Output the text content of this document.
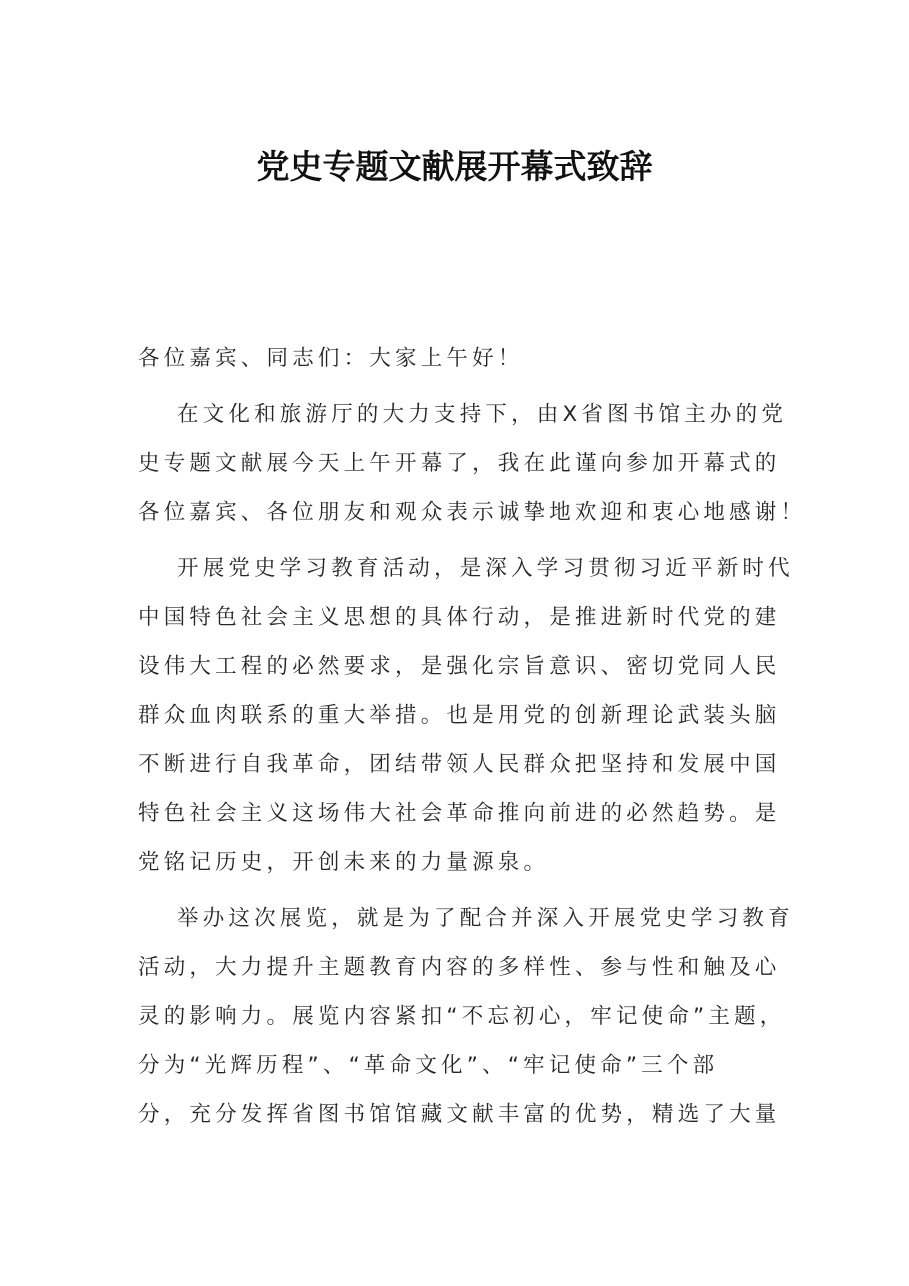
党史专题文献展开幕式致辞
各位嘉宾、同志们：大家上午好！
在文化和旅游厅的大力支持下，由X省图书馆主办的党
史专题文献展今天上午开幕了，我在此谨向参加开幕式的
各位嘉宾、各位朋友和观众表示诚挚地欢迎和衷心地感谢！
开展党史学习教育活动，是深入学习贯彻习近平新时代
中国特色社会主义思想的具体行动，是推进新时代党的建
设伟大工程的必然要求，是强化宗旨意识、密切党同人民
群众血肉联系的重大举措。也是用党的创新理论武装头脑
不断进行自我革命，团结带领人民群众把坚持和发展中国
特色社会主义这场伟大社会革命推向前进的必然趋势。是
党铭记历史，开创未来的力量源泉。
举办这次展览，就是为了配合并深入开展党史学习教育
活动，大力提升主题教育内容的多样性、参与性和触及心
灵的影响力。展览内容紧扣“不忘初心，牢记使命”主题，
分为“光辉历程”、“革命文化”、“牢记使命”三个部
分，充分发挥省图书馆馆藏文献丰富的优势，精选了大量
